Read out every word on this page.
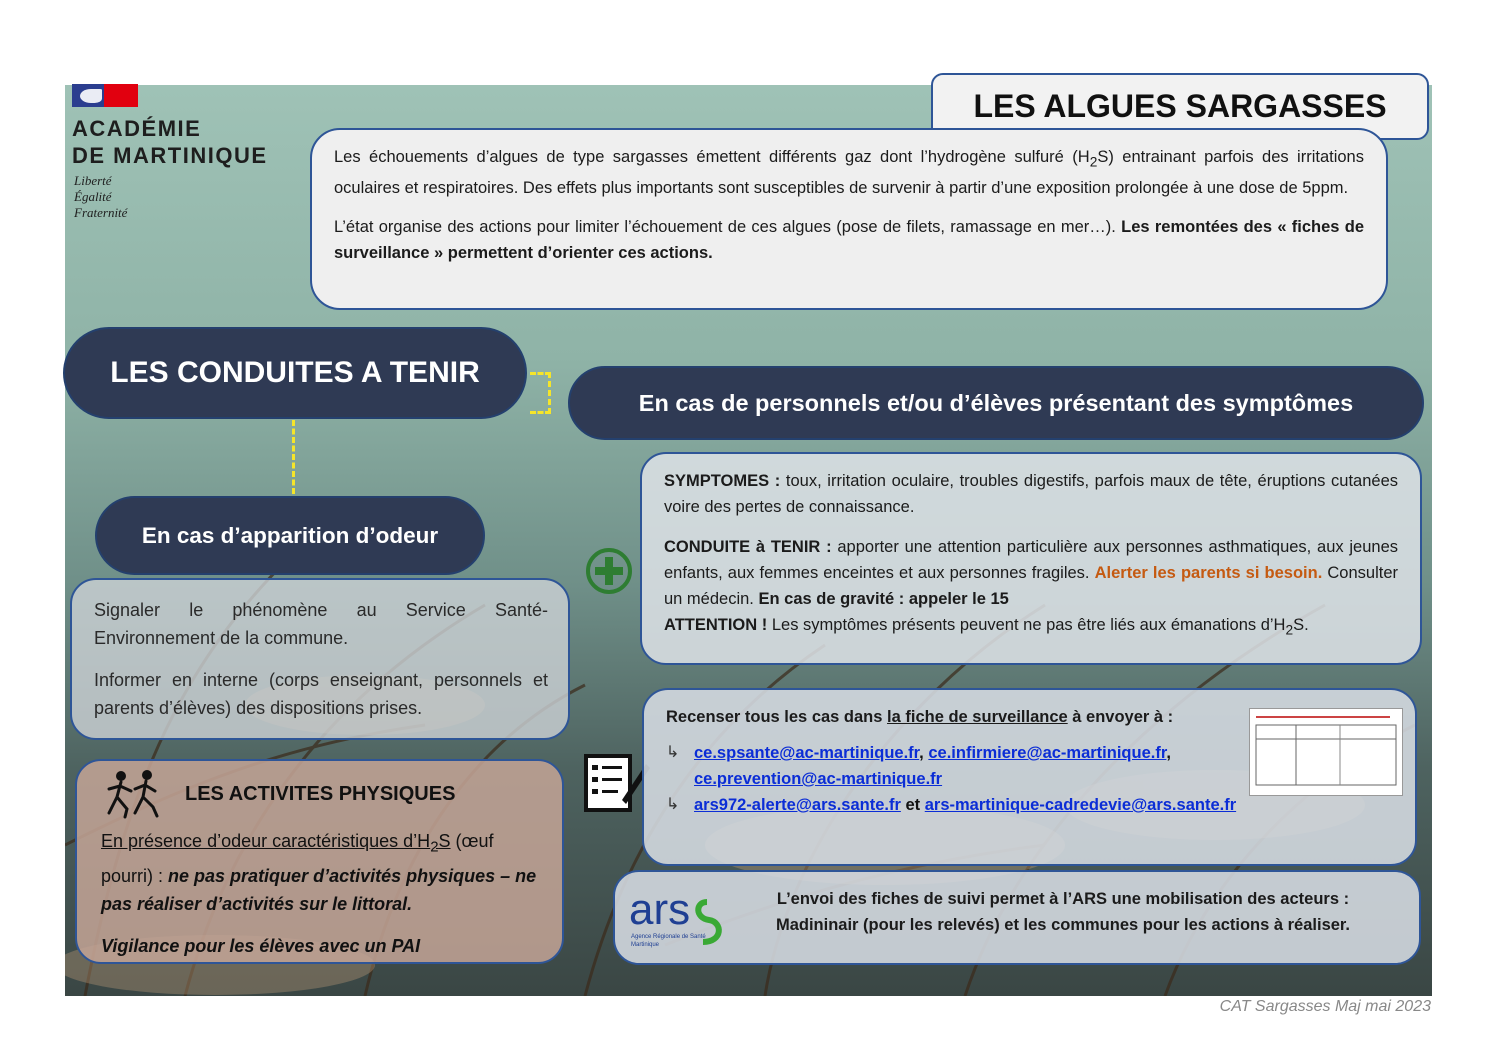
ACADÉMIE
DE MARTINIQUE
Liberté
Égalité
Fraternité
LES ALGUES SARGASSES

Les échouements d’algues de type sargasses émettent différents gaz dont l’hydrogène sulfuré $(H_2S)$ entrainant parfois des irritations oculaires et respiratoires. Des effets plus importants sont susceptibles de survenir à partir d’une exposition prolongée à une dose de 5ppm.

L’état organise des actions pour limiter l’échouement de ces algues (pose de filets, ramassage en mer…). Les remontées des « fiches de surveillance » permettent d’orienter ces actions.

LES CONDUITES A TENIR
En cas de personnels et/ou d’élèves présentant des symptômes
En cas d’apparition d’odeur

Signaler le phénomène au Service Santé-Environnement de la commune.

Informer en interne (corps enseignant, personnels et parents d’élèves) des dispositions prises.

LES ACTIVITES PHYSIQUES
En présence d’odeur caractéristiques $d’H_2S$ (œuf pourri) : ne pas pratiquer d’activités physiques – ne pas réaliser d’activités sur le littoral.
Vigilance pour les élèves avec un PAI

SYMPTOMES : toux, irritation oculaire, troubles digestifs, parfois maux de tête, éruptions cutanées voire des pertes de connaissance.

CONDUITE à TENIR : apporter une attention particulière aux personnes asthmatiques, aux jeunes enfants, aux femmes enceintes et aux personnes fragiles. Alerter les parents si besoin. Consulter un médecin. En cas de gravité : appeler le 15

ATTENTION ! Les symptômes présents peuvent ne pas être liés aux émanations $d’H_2S$.

Recenser tous les cas dans la fiche de surveillance à envoyer à :
↳ ce.spsante@ac-martinique.fr, ce.infirmiere@ac-martinique.fr,
ce.prevention@ac-martinique.fr
↳ ars972-alerte@ars.sante.fr et ars-martinique-cadredevie@ars.sante.fr
ars
Agence Régionale de Santé
Martinique
L’envoi des fiches de suivi permet à l’ARS une mobilisation des acteurs :
Madininair (pour les relevés) et les communes pour les actions à réaliser.
CAT Sargasses Maj mai 2023
